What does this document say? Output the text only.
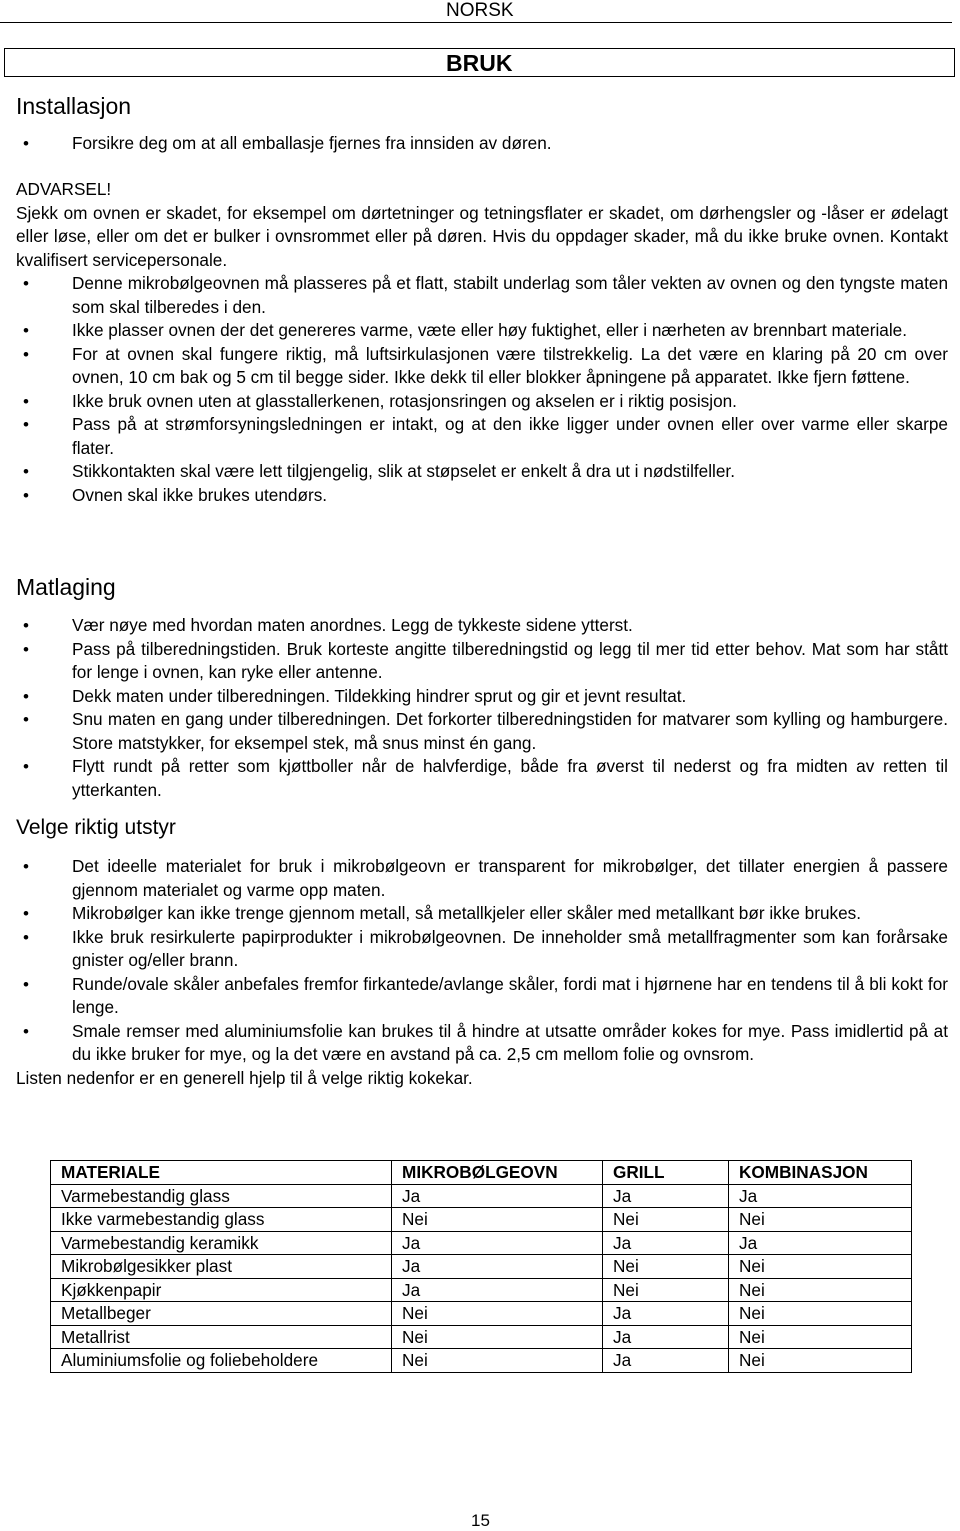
NORSK
BRUK
Installasjon
• Forsikre deg om at all emballasje fjernes fra innsiden av døren.
ADVARSEL!
Sjekk om ovnen er skadet, for eksempel om dørtetninger og tetningsflater er skadet, om dørhengsler og -låser er ødelagt eller løse, eller om det er bulker i ovnsrommet eller på døren. Hvis du oppdager skader, må du ikke bruke ovnen. Kontakt kvalifisert servicepersonale.
• Denne mikrobølgeovnen må plasseres på et flatt, stabilt underlag som tåler vekten av ovnen og den tyngste maten som skal tilberedes i den.
• Ikke plasser ovnen der det genereres varme, væte eller høy fuktighet, eller i nærheten av brennbart materiale.
• For at ovnen skal fungere riktig, må luftsirkulasjonen være tilstrekkelig. La det være en klaring på 20 cm over ovnen, 10 cm bak og 5 cm til begge sider. Ikke dekk til eller blokker åpningene på apparatet. Ikke fjern føttene.
• Ikke bruk ovnen uten at glasstallerkenen, rotasjonsringen og akselen er i riktig posisjon.
• Pass på at strømforsyningsledningen er intakt, og at den ikke ligger under ovnen eller over varme eller skarpe flater.
• Stikkontakten skal være lett tilgjengelig, slik at støpselet er enkelt å dra ut i nødstilfeller.
• Ovnen skal ikke brukes utendørs.
Matlaging
• Vær nøye med hvordan maten anordnes. Legg de tykkeste sidene ytterst.
• Pass på tilberedningstiden. Bruk korteste angitte tilberedningstid og legg til mer tid etter behov. Mat som har stått for lenge i ovnen, kan ryke eller antenne.
• Dekk maten under tilberedningen. Tildekking hindrer sprut og gir et jevnt resultat.
• Snu maten en gang under tilberedningen. Det forkorter tilberedningstiden for matvarer som kylling og hamburgere. Store matstykker, for eksempel stek, må snus minst én gang.
• Flytt rundt på retter som kjøttboller når de halvferdige, både fra øverst til nederst og fra midten av retten til ytterkanten.
Velge riktig utstyr
• Det ideelle materialet for bruk i mikrobølgeovn er transparent for mikrobølger, det tillater energien å passere gjennom materialet og varme opp maten.
• Mikrobølger kan ikke trenge gjennom metall, så metallkjeler eller skåler med metallkant bør ikke brukes.
• Ikke bruk resirkulerte papirprodukter i mikrobølgeovnen. De inneholder små metallfragmenter som kan forårsake gnister og/eller brann.
• Runde/ovale skåler anbefales fremfor firkantede/avlange skåler, fordi mat i hjørnene har en tendens til å bli kokt for lenge.
• Smale remser med aluminiumsfolie kan brukes til å hindre at utsatte områder kokes for mye. Pass imidlertid på at du ikke bruker for mye, og la det være en avstand på ca. 2,5 cm mellom folie og ovnsrom.
Listen nedenfor er en generell hjelp til å velge riktig kokekar.
MATERIALE	MIKROBØLGEOVN	GRILL	KOMBINASJON
Varmebestandig glass	Ja	Ja	Ja
Ikke varmebestandig glass	Nei	Nei	Nei
Varmebestandig keramikk	Ja	Ja	Ja
Mikrobølgesikker plast	Ja	Nei	Nei
Kjøkkenpapir	Ja	Nei	Nei
Metallbeger	Nei	Ja	Nei
Metallrist	Nei	Ja	Nei
Aluminiumsfolie og foliebeholdere	Nei	Ja	Nei
15
